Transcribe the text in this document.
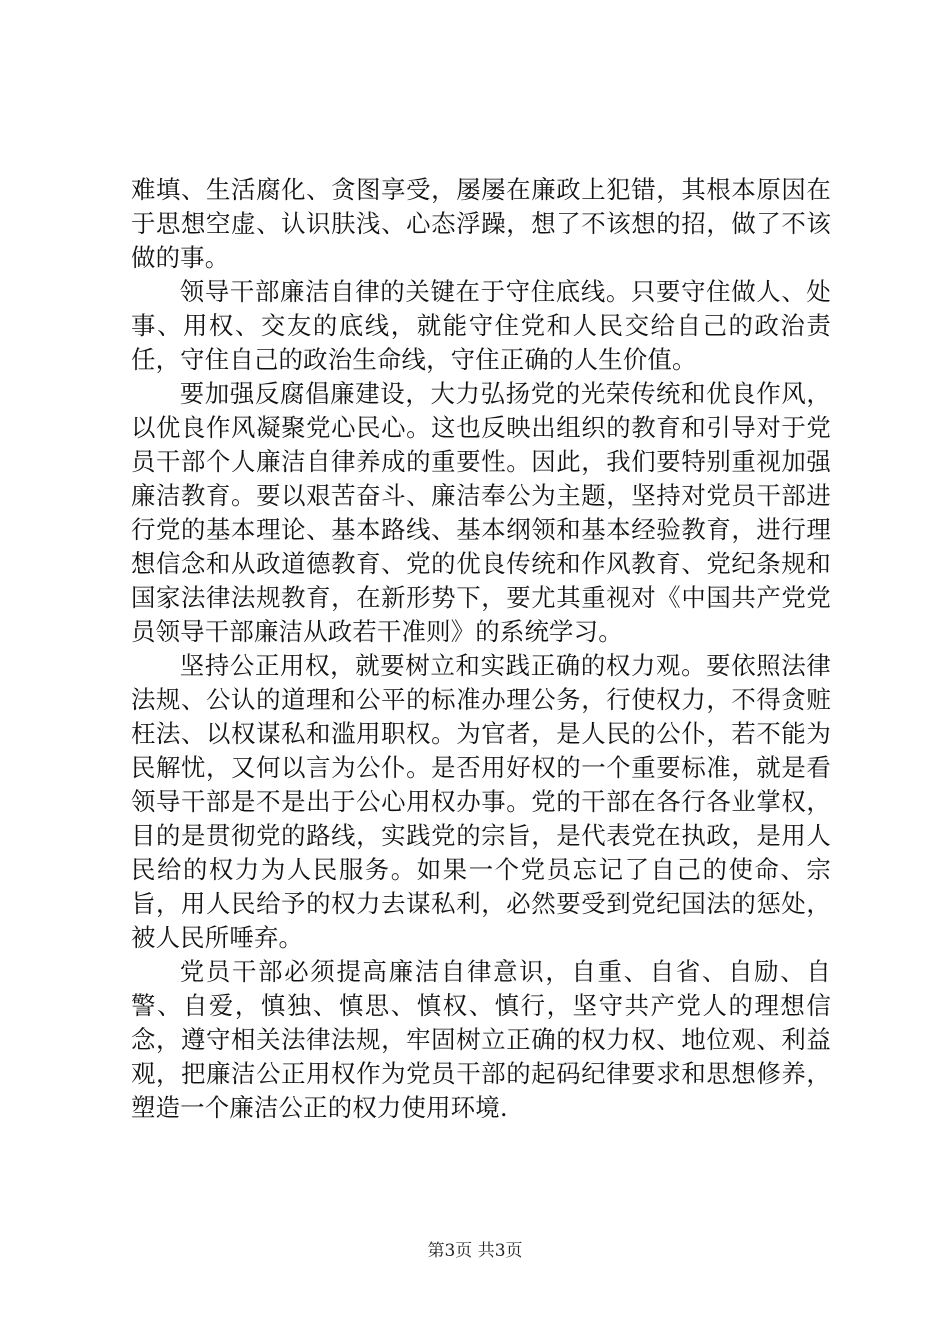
难填、生活腐化、贪图享受，屡屡在廉政上犯错，其根本原因在于思想空虚、认识肤浅、心态浮躁，想了不该想的招，做了不该做的事。

领导干部廉洁自律的关键在于守住底线。只要守住做人、处事、用权、交友的底线，就能守住党和人民交给自己的政治责任，守住自己的政治生命线，守住正确的人生价值。

要加强反腐倡廉建设，大力弘扬党的光荣传统和优良作风，以优良作风凝聚党心民心。这也反映出组织的教育和引导对于党员干部个人廉洁自律养成的重要性。因此，我们要特别重视加强廉洁教育。要以艰苦奋斗、廉洁奉公为主题，坚持对党员干部进行党的基本理论、基本路线、基本纲领和基本经验教育，进行理想信念和从政道德教育、党的优良传统和作风教育、党纪条规和国家法律法规教育，在新形势下，要尤其重视对《中国共产党党员领导干部廉洁从政若干准则》的系统学习。

坚持公正用权，就要树立和实践正确的权力观。要依照法律法规、公认的道理和公平的标准办理公务，行使权力，不得贪赃枉法、以权谋私和滥用职权。为官者，是人民的公仆，若不能为民解忧，又何以言为公仆。是否用好权的一个重要标准，就是看领导干部是不是出于公心用权办事。党的干部在各行各业掌权，目的是贯彻党的路线，实践党的宗旨，是代表党在执政，是用人民给的权力为人民服务。如果一个党员忘记了自己的使命、宗旨，用人民给予的权力去谋私利，必然要受到党纪国法的惩处，被人民所唾弃。

党员干部必须提高廉洁自律意识，自重、自省、自励、自警、自爱，慎独、慎思、慎权、慎行，坚守共产党人的理想信念，遵守相关法律法规，牢固树立正确的权力权、地位观、利益观，把廉洁公正用权作为党员干部的起码纪律要求和思想修养，塑造一个廉洁公正的权力使用环境.

第3页 共3页
